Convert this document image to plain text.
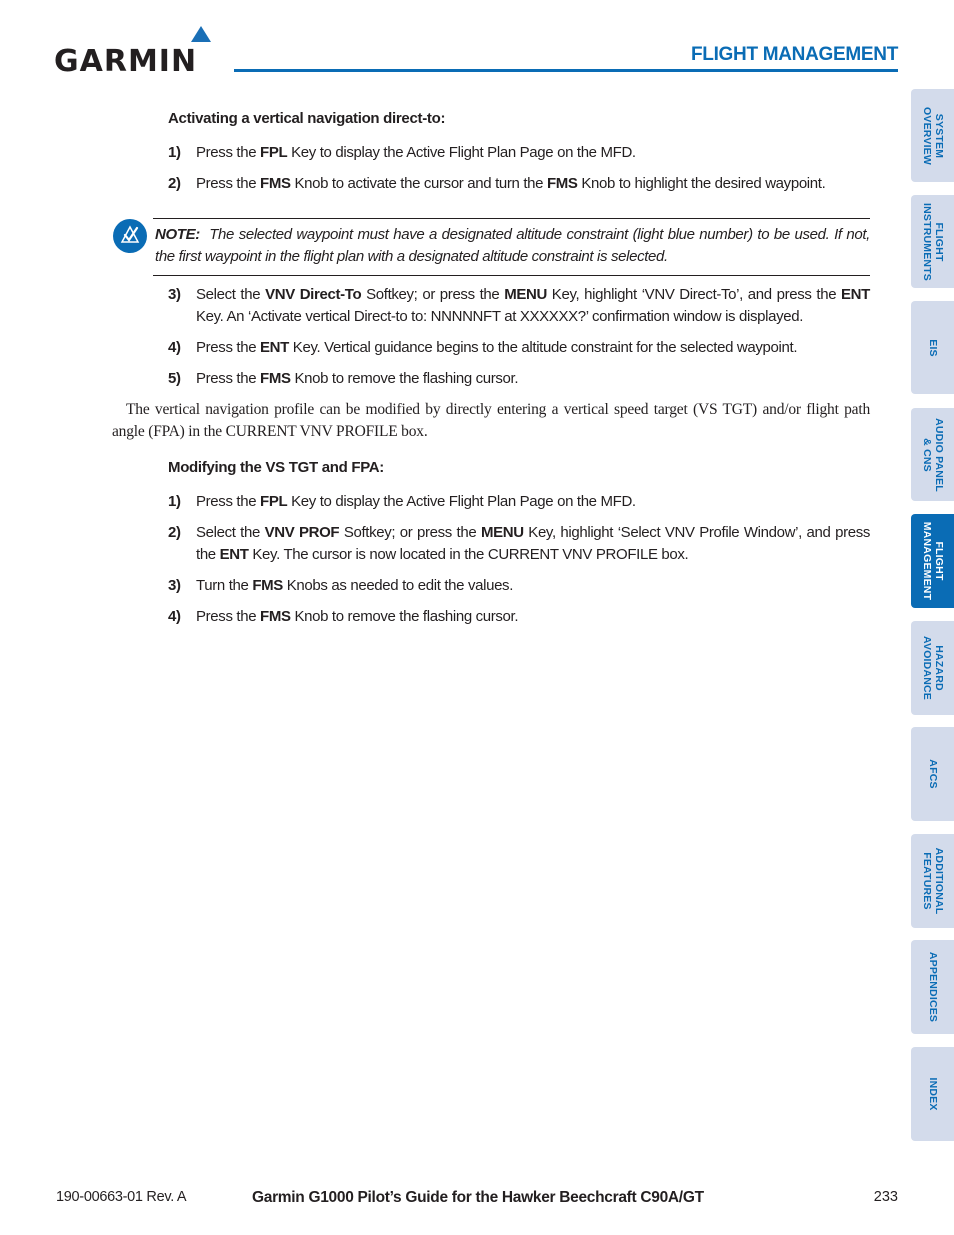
GARMIN	FLIGHT MANAGEMENT
Activating a vertical navigation direct-to:
1) Press the FPL Key to display the Active Flight Plan Page on the MFD.
2) Press the FMS Knob to activate the cursor and turn the FMS Knob to highlight the desired waypoint.
NOTE: The selected waypoint must have a designated altitude constraint (light blue number) to be used. If not, the first waypoint in the flight plan with a designated altitude constraint is selected.
3) Select the VNV Direct-To Softkey; or press the MENU Key, highlight ‘VNV Direct-To’, and press the ENT Key. An ‘Activate vertical Direct-to to: NNNNNFT at XXXXXX?’ confirmation window is displayed.
4) Press the ENT Key. Vertical guidance begins to the altitude constraint for the selected waypoint.
5) Press the FMS Knob to remove the flashing cursor.
The vertical navigation profile can be modified by directly entering a vertical speed target (VS TGT) and/or flight path angle (FPA) in the CURRENT VNV PROFILE box.
Modifying the VS TGT and FPA:
1) Press the FPL Key to display the Active Flight Plan Page on the MFD.
2) Select the VNV PROF Softkey; or press the MENU Key, highlight ‘Select VNV Profile Window’, and press the ENT Key. The cursor is now located in the CURRENT VNV PROFILE box.
3) Turn the FMS Knobs as needed to edit the values.
4) Press the FMS Knob to remove the flashing cursor.
SYSTEM
OVERVIEW
FLIGHT
INSTRUMENTS
EIS
AUDIO PANEL
& CNS
FLIGHT
MANAGEMENT
HAZARD
AVOIDANCE
AFCS
ADDITIONAL
FEATURES
APPENDICES
INDEX
190-00663-01 Rev. A	Garmin G1000 Pilot’s Guide for the Hawker Beechcraft C90A/GT	233
